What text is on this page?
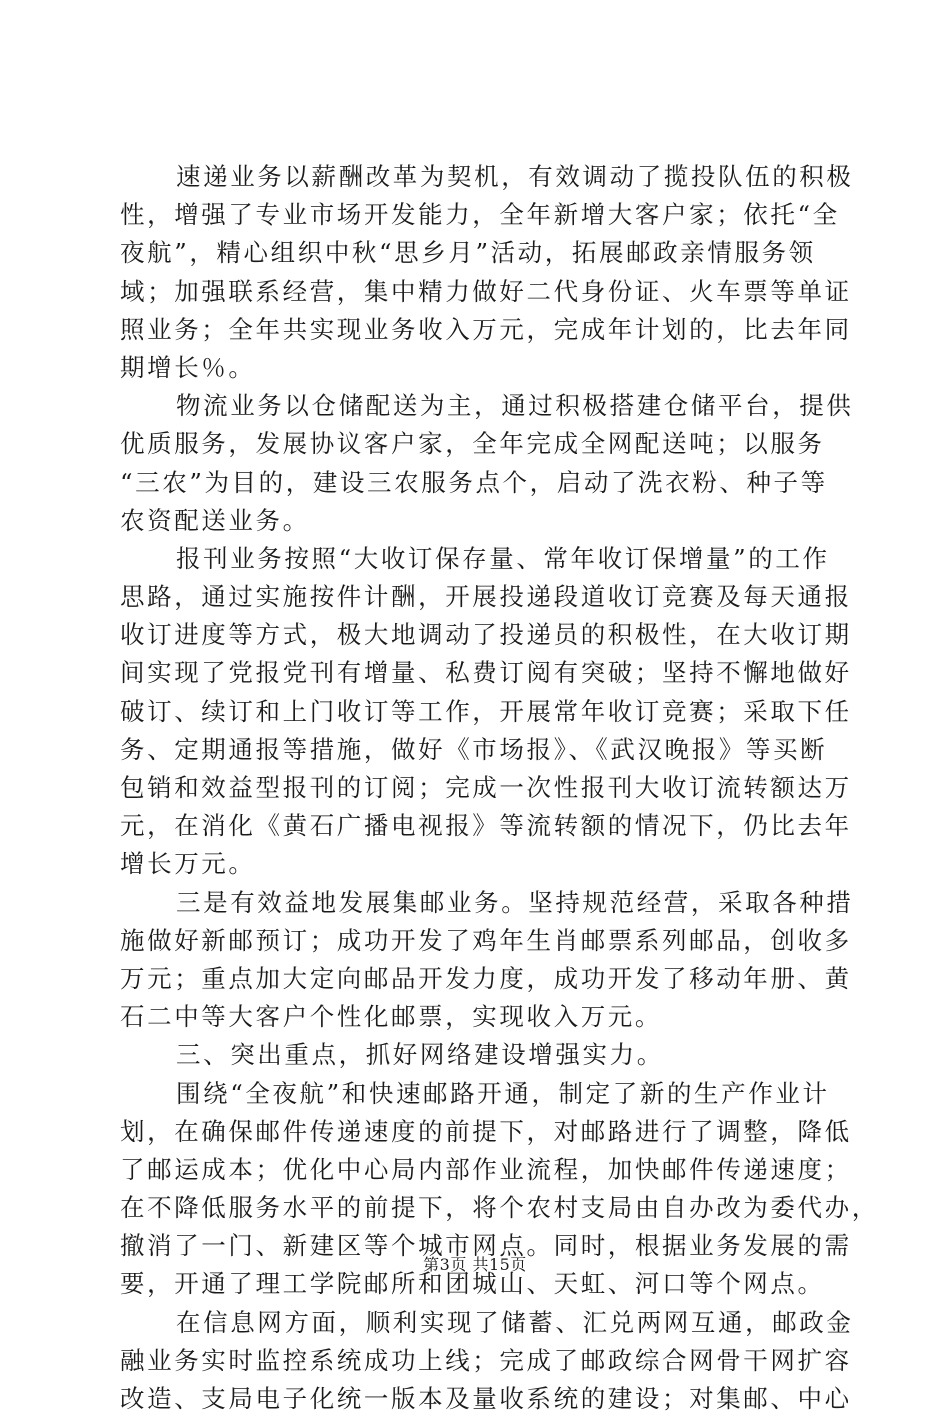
速递业务以薪酬改革为契机，有效调动了揽投队伍的积极
性，增强了专业市场开发能力，全年新增大客户家；依托“全
夜航”，精心组织中秋“思乡月”活动，拓展邮政亲情服务领
域；加强联系经营，集中精力做好二代身份证、火车票等单证
照业务；全年共实现业务收入万元，完成年计划的，比去年同
期增长％。
物流业务以仓储配送为主，通过积极搭建仓储平台，提供
优质服务，发展协议客户家，全年完成全网配送吨；以服务
“三农”为目的，建设三农服务点个，启动了洗衣粉、种子等
农资配送业务。
报刊业务按照“大收订保存量、常年收订保增量”的工作
思路，通过实施按件计酬，开展投递段道收订竞赛及每天通报
收订进度等方式，极大地调动了投递员的积极性，在大收订期
间实现了党报党刊有增量、私费订阅有突破；坚持不懈地做好
破订、续订和上门收订等工作，开展常年收订竞赛；采取下任
务、定期通报等措施，做好《市场报》、《武汉晚报》等买断
包销和效益型报刊的订阅；完成一次性报刊大收订流转额达万
元，在消化《黄石广播电视报》等流转额的情况下，仍比去年
增长万元。
三是有效益地发展集邮业务。坚持规范经营，采取各种措
施做好新邮预订；成功开发了鸡年生肖邮票系列邮品，创收多
万元；重点加大定向邮品开发力度，成功开发了移动年册、黄
石二中等大客户个性化邮票，实现收入万元。
三、突出重点，抓好网络建设增强实力。
围绕“全夜航”和快速邮路开通，制定了新的生产作业计
划，在确保邮件传递速度的前提下，对邮路进行了调整，降低
了邮运成本；优化中心局内部作业流程，加快邮件传递速度；
在不降低服务水平的前提下，将个农村支局由自办改为委代办，
撤消了一门、新建区等个城市网点。同时，根据业务发展的需
要，开通了理工学院邮所和团城山、天虹、河口等个网点。
在信息网方面，顺利实现了储蓄、汇兑两网互通，邮政金
融业务实时监控系统成功上线；完成了邮政综合网骨干网扩容
改造、支局电子化统一版本及量收系统的建设；对集邮、中心
第3页 共15页
